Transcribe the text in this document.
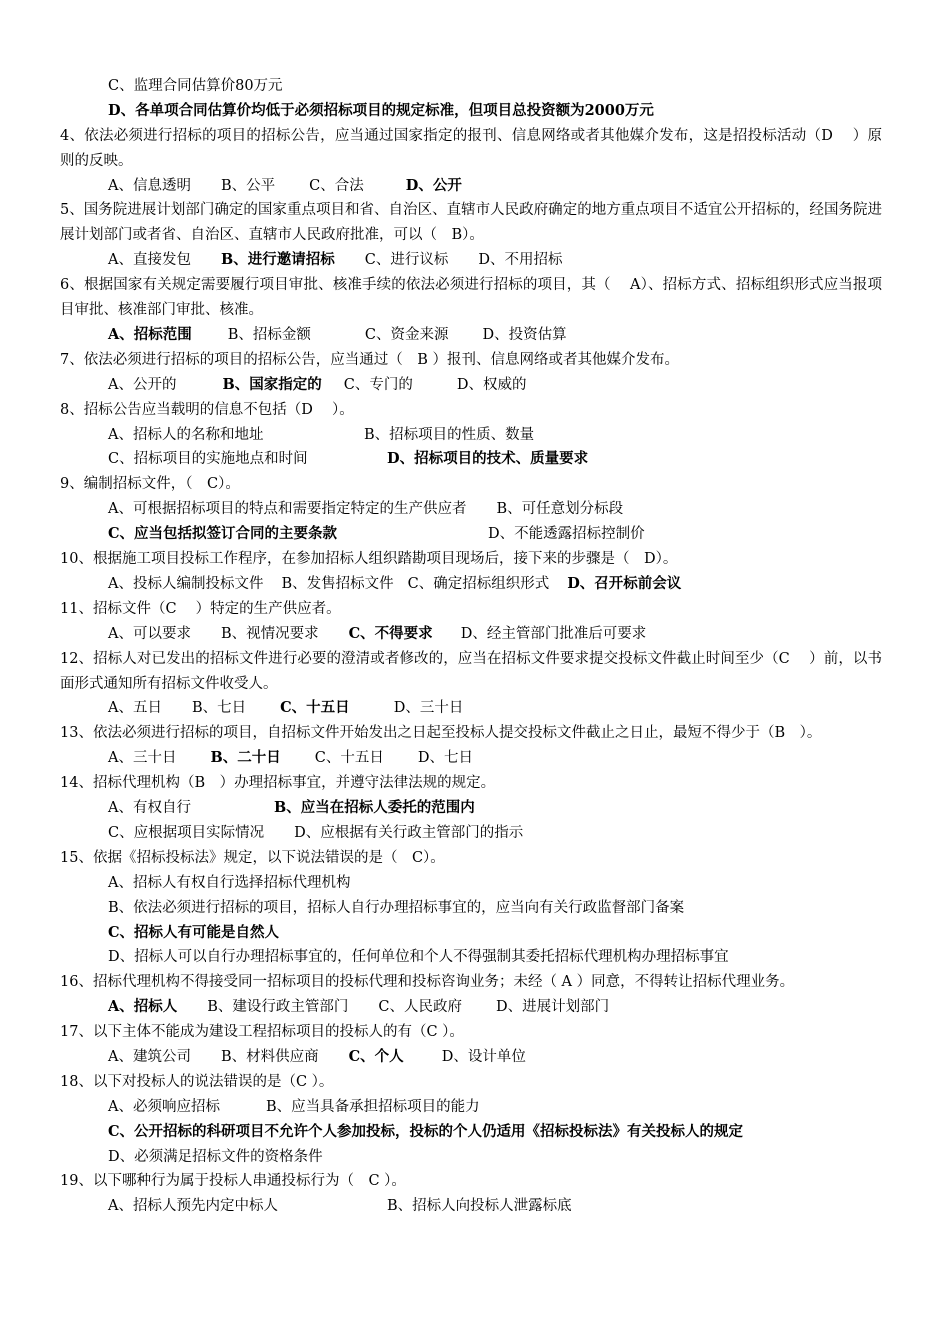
C、监理合同估算价80万元
D、各单项合同估算价均低于必须招标项目的规定标准，但项目总投资额为2000万元
4、依法必须进行招标的项目的招标公告，应当通过国家指定的报刊、信息网络或者其他媒介发布，这是招投标活动（D　 ）原则的反映。
A、信息透明 B、公平 C、合法	D、公开
5、国务院进展计划部门确定的国家重点项目和省、自治区、直辖市人民政府确定的地方重点项目不适宜公开招标的，经国务院进展计划部门或者省、自治区、直辖市人民政府批准，可以（　B）。
A、直接发包 B、进行邀请招标 C、进行议标 D、不用招标
6、根据国家有关规定需要履行项目审批、核准手续的依法必须进行招标的项目，其（　 A）、招标方式、招标组织形式应当报项目审批、核准部门审批、核准。
A、招标范围 B、招标金额	C、资金来源 D、投资估算
7、依法必须进行招标的项目的招标公告，应当通过（　B ）报刊、信息网络或者其他媒介发布。
A、公开的	B、国家指定的 C、专门的	D、权威的
8、招标公告应当载明的信息不包括（D　 ）。
A、招标人的名称和地址	B、招标项目的性质、数量
C、招标项目的实施地点和时间	D、招标项目的技术、质量要求
9、编制招标文件，（　C）。
A、可根据招标项目的特点和需要指定特定的生产供应者 B、可任意划分标段
C、应当包括拟签订合同的主要条款	D、不能透露招标控制价
10、根据施工项目投标工作程序，在参加招标人组织踏勘项目现场后，接下来的步骤是（　D）。
A、投标人编制投标文件 B、发售招标文件 C、确定招标组织形式 D、召开标前会议
11、招标文件（C　 ）特定的生产供应者。
A、可以要求 B、视情况要求 C、不得要求 D、经主管部门批准后可要求
12、招标人对已发出的招标文件进行必要的澄清或者修改的，应当在招标文件要求提交投标文件截止时间至少（C　 ）前，以书面形式通知所有招标文件收受人。
A、五日 B、七日 C、十五日	D、三十日
13、依法必须进行招标的项目，自招标文件开始发出之日起至投标人提交投标文件截止之日止，最短不得少于（B　）。
A、三十日 B、二十日 C、十五日 D、七日
14、招标代理机构（B　）办理招标事宜，并遵守法律法规的规定。
A、有权自行	B、应当在招标人委托的范围内
C、应根据项目实际情况 D、应根据有关行政主管部门的指示
15、依据《招标投标法》规定，以下说法错误的是（　C）。
A、招标人有权自行选择招标代理机构
B、依法必须进行招标的项目，招标人自行办理招标事宜的，应当向有关行政监督部门备案
C、招标人有可能是自然人
D、招标人可以自行办理招标事宜的，任何单位和个人不得强制其委托招标代理机构办理招标事宜
16、招标代理机构不得接受同一招标项目的投标代理和投标咨询业务；未经（ A ）同意，不得转让招标代理业务。
A、招标人 B、建设行政主管部门 C、人民政府 D、进展计划部门
17、以下主体不能成为建设工程招标项目的投标人的有（C ）。
A、建筑公司 B、材料供应商 C、个人	D、设计单位
18、以下对投标人的说法错误的是（C ）。
A、必须响应招标	B、应当具备承担招标项目的能力
C、公开招标的科研项目不允许个人参加投标，投标的个人仍适用《招标投标法》有关投标人的规定
D、必须满足招标文件的资格条件
19、以下哪种行为属于投标人串通投标行为（　C ）。
A、招标人预先内定中标人	B、招标人向投标人泄露标底
